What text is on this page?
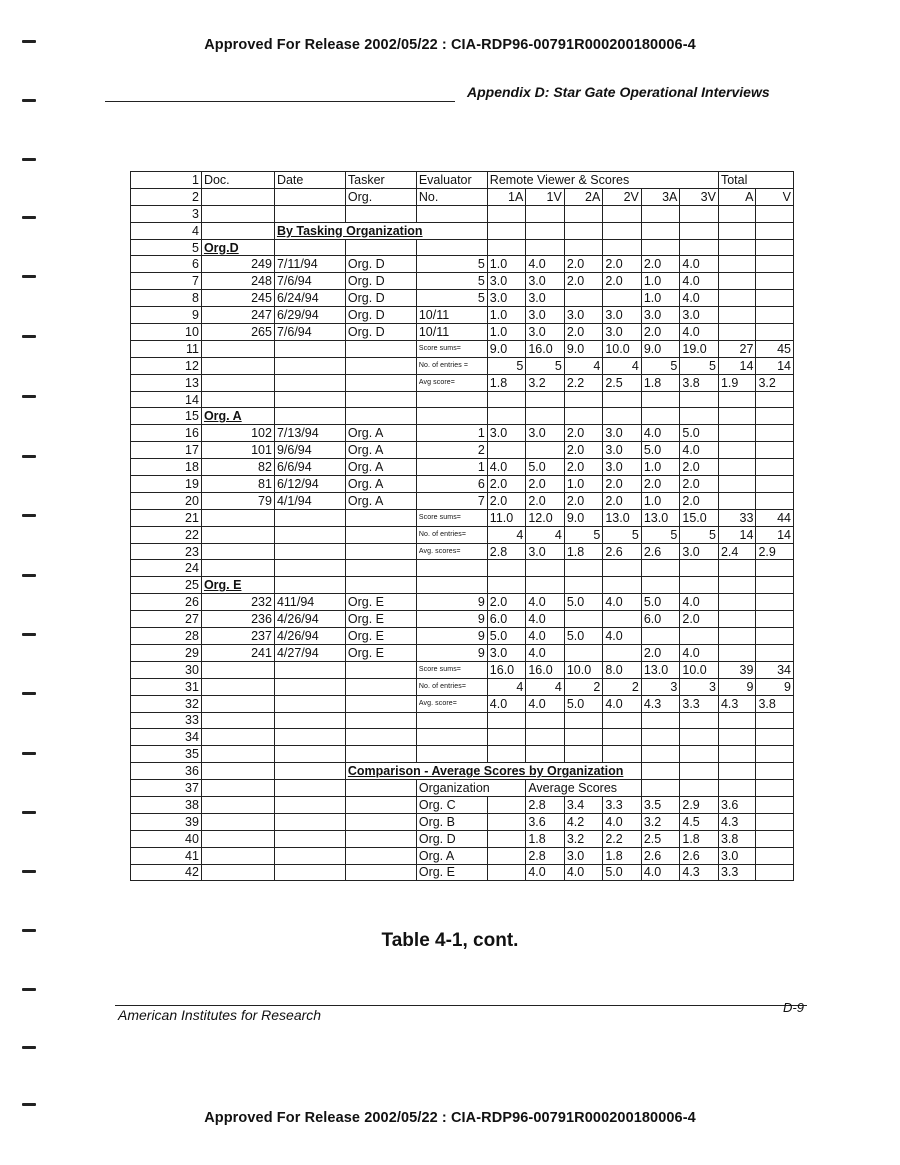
Approved For Release 2002/05/22 : CIA-RDP96-00791R000200180006-4
Appendix D: Star Gate Operational Interviews
1	Doc.	Date	Tasker	Evaluator	Remote Viewer & Scores						Total	
2			Org.	No.	1A	1V	2A	2V	3A	3V	A	V
3												
4		By Tasking Organization										
5	Org.D											
6	249	7/11/94	Org. D	5	1.0	4.0	2.0	2.0	2.0	4.0		
7	248	7/6/94	Org. D	5	3.0	3.0	2.0	2.0	1.0	4.0		
8	245	6/24/94	Org. D	5	3.0	3.0			1.0	4.0		
9	247	6/29/94	Org. D	10/11	1.0	3.0	3.0	3.0	3.0	3.0		
10	265	7/6/94	Org. D	10/11	1.0	3.0	2.0	3.0	2.0	4.0		
11				Score sums=	9.0	16.0	9.0	10.0	9.0	19.0	27	45
12				No. of entries =	5	5	4	4	5	5	14	14
13				Avg score=	1.8	3.2	2.2	2.5	1.8	3.8	1.9	3.2
14												
15	Org. A											
16	102	7/13/94	Org. A	1	3.0	3.0	2.0	3.0	4.0	5.0		
17	101	9/6/94	Org. A	2			2.0	3.0	5.0	4.0		
18	82	6/6/94	Org. A	1	4.0	5.0	2.0	3.0	1.0	2.0		
19	81	6/12/94	Org. A	6	2.0	2.0	1.0	2.0	2.0	2.0		
20	79	4/1/94	Org. A	7	2.0	2.0	2.0	2.0	1.0	2.0		
21				Score sums=	11.0	12.0	9.0	13.0	13.0	15.0	33	44
22				No. of entries=	4	4	5	5	5	5	14	14
23				Avg. scores=	2.8	3.0	1.8	2.6	2.6	3.0	2.4	2.9
24												
25	Org. E											
26	232	411/94	Org. E	9	2.0	4.0	5.0	4.0	5.0	4.0		
27	236	4/26/94	Org. E	9	6.0	4.0			6.0	2.0		
28	237	4/26/94	Org. E	9	5.0	4.0	5.0	4.0				
29	241	4/27/94	Org. E	9	3.0	4.0			2.0	4.0		
30				Score sums=	16.0	16.0	10.0	8.0	13.0	10.0	39	34
31				No. of entries=	4	4	2	2	3	3	9	9
32				Avg. score=	4.0	4.0	5.0	4.0	4.3	3.3	4.3	3.8
33												
34												
35												
36			Comparison - Average Scores by Organization									
37				Organization		Average Scores						
38				Org. C		2.8	3.4	3.3	3.5	2.9	3.6	
39				Org. B		3.6	4.2	4.0	3.2	4.5	4.3	
40				Org. D		1.8	3.2	2.2	2.5	1.8	3.8	
41				Org. A		2.8	3.0	1.8	2.6	2.6	3.0	
42				Org. E		4.0	4.0	5.0	4.0	4.3	3.3	
Table 4-1, cont.
American Institutes for Research	D-9
Approved For Release 2002/05/22 : CIA-RDP96-00791R000200180006-4
